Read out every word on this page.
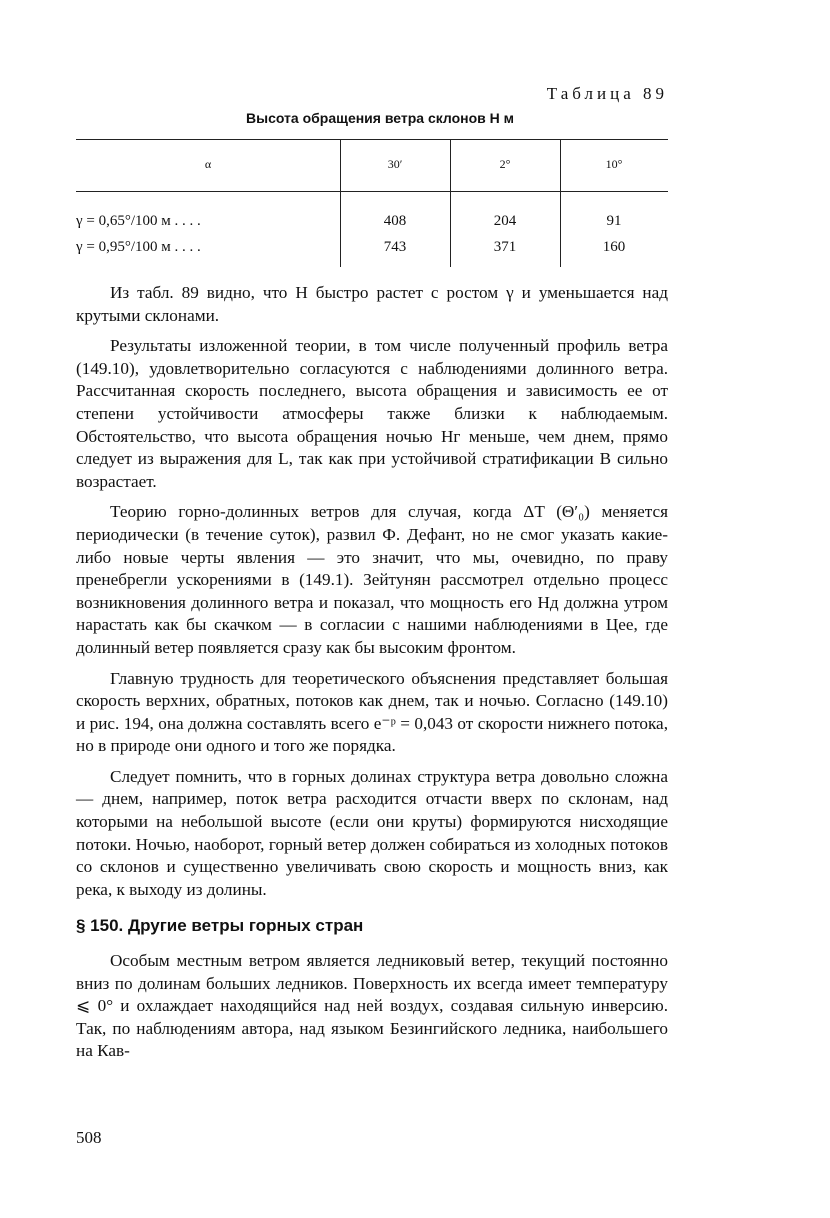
Таблица 89
Высота обращения ветра склонов H м
α	30′	2°	10°
γ = 0,65°/100 м . . . .	408	204	91
γ = 0,95°/100 м . . . .	743	371	160

Из табл. 89 видно, что H быстро растет с ростом γ и уменьшается над крутыми склонами.

Результаты изложенной теории, в том числе полученный профиль ветра (149.10), удовлетворительно согласуются с наблюдениями долинного ветра. Рассчитанная скорость последнего, высота обращения и зависимость ее от степени устойчивости атмосферы также близки к наблюдаемым. Обстоятельство, что высота обращения ночью Hг меньше, чем днем, прямо следует из выражения для L, так как при устойчивой стратификации B сильно возрастает.

Теорию горно-долинных ветров для случая, когда ΔT (Θ′₀) меняется периодически (в течение суток), развил Ф. Дефант, но не смог указать какие-либо новые черты явления — это значит, что мы, очевидно, по праву пренебрегли ускорениями в (149.1). Зейтунян рассмотрел отдельно процесс возникновения долинного ветра и показал, что мощность его Hд должна утром нарастать как бы скачком — в согласии с нашими наблюдениями в Цее, где долинный ветер появляется сразу как бы высоким фронтом.

Главную трудность для теоретического объяснения представляет большая скорость верхних, обратных, потоков как днем, так и ночью. Согласно (149.10) и рис. 194, она должна составлять всего e⁻ᵖ = 0,043 от скорости нижнего потока, но в природе они одного и того же порядка.

Следует помнить, что в горных долинах структура ветра довольно сложна — днем, например, поток ветра расходится отчасти вверх по склонам, над которыми на небольшой высоте (если они круты) формируются нисходящие потоки. Ночью, наоборот, горный ветер должен собираться из холодных потоков со склонов и существенно увеличивать свою скорость и мощность вниз, как река, к выходу из долины.

§ 150. Другие ветры горных стран

Особым местным ветром является ледниковый ветер, текущий постоянно вниз по долинам больших ледников. Поверхность их всегда имеет температуру ⩽ 0° и охлаждает находящийся над ней воздух, создавая сильную инверсию. Так, по наблюдениям автора, над языком Безингийского ледника, наибольшего на Кав-

508
